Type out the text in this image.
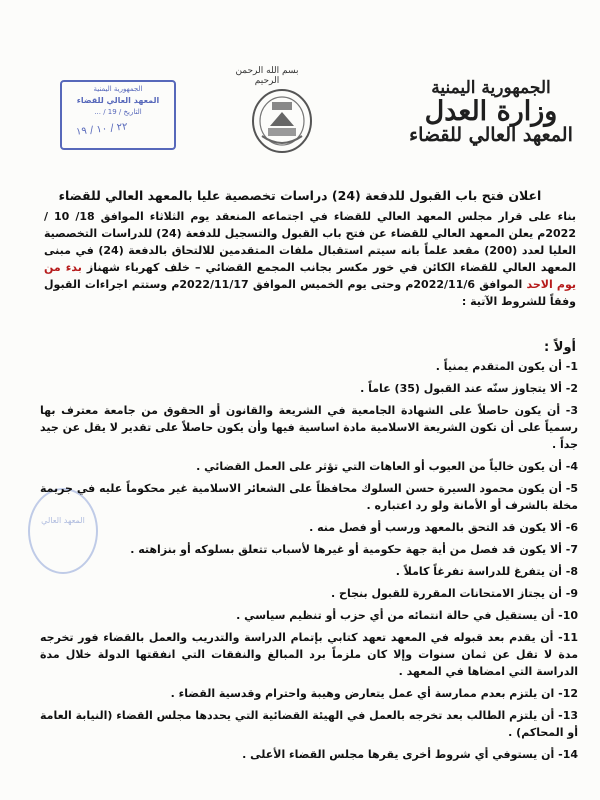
بسم الله الرحمن الرحيم	الجمهورية اليمنية
وزارة العدل
المعهد العالي للقضاء
الجمهورية اليمنية
المعهد العالي للقضاء
التاريخ / 19 / ...
٢٢ / ١٠ / ١٩
المعهد العالي
اعلان فتح باب القبول للدفعة (24) دراسات تخصصية عليا بالمعهد العالي للقضاء
بناء على قرار مجلس المعهد العالي للقضاء في اجتماعه المنعقد يوم الثلاثاء الموافق 18/ 10 / 2022م يعلن المعهد العالي للقضاء عن فتح باب القبول والتسجيل للدفعة (24) للدراسات التخصصية العليا لعدد (200) مقعد علماً بانه سيتم استقبال ملفات المتقدمين للالتحاق بالدفعة (24) في مبنى المعهد العالي للقضاء الكائن في خور مكسر بجانب المجمع القضائي – خلف كهرباء شهناز بدء من يوم الاحد الموافق 2022/11/6م وحتى يوم الخميس الموافق 2022/11/17م وستتم اجراءات القبول وفقاً للشروط الآتية :
أولاً :
1- أن يكون المتقدم يمنياً .
2- ألا يتجاوز سنّه عند القبول (35) عاماً .
3- أن يكون حاصلاً على الشهادة الجامعية في الشريعة والقانون أو الحقوق من جامعة معترف بها رسمياً على أن تكون الشريعة الاسلامية مادة اساسية فيها وأن يكون حاصلاً على تقدير لا يقل عن جيد جداً .
4- أن يكون خالياً من العيوب أو العاهات التي تؤثر على العمل القضائي .
5- أن يكون محمود السيرة حسن السلوك محافظاً على الشعائر الاسلامية غير محكوماً عليه في جريمة مخلة بالشرف أو الأمانة ولو رد اعتباره .
6- ألا يكون قد التحق بالمعهد ورسب أو فصل منه .
7- ألا يكون قد فصل من أية جهة حكومية أو غيرها لأسباب تتعلق بسلوكه أو بنزاهته .
8- أن يتفرغ للدراسة تفرغاً كاملاً .
9- أن يجتاز الامتحانات المقررة للقبول بنجاح .
10- أن يستقيل في حالة انتمائه من أي حزب أو تنظيم سياسي .
11- أن يقدم بعد قبوله في المعهد تعهد كتابي بإتمام الدراسة والتدريب والعمل بالقضاء فور تخرجه مدة لا تقل عن ثمان سنوات وإلا كان ملزماً برد المبالغ والنفقات التي انفقتها الدولة خلال مدة الدراسة التي امضاها في المعهد .
12- ان يلتزم بعدم ممارسة أي عمل يتعارض وهيبة واحترام وقدسية القضاء .
13- أن يلتزم الطالب بعد تخرجه بالعمل في الهيئة القضائية التي يحددها مجلس القضاء (النيابة العامة أو المحاكم) .
14- أن يستوفي أي شروط أخرى يقرها مجلس القضاء الأعلى .
